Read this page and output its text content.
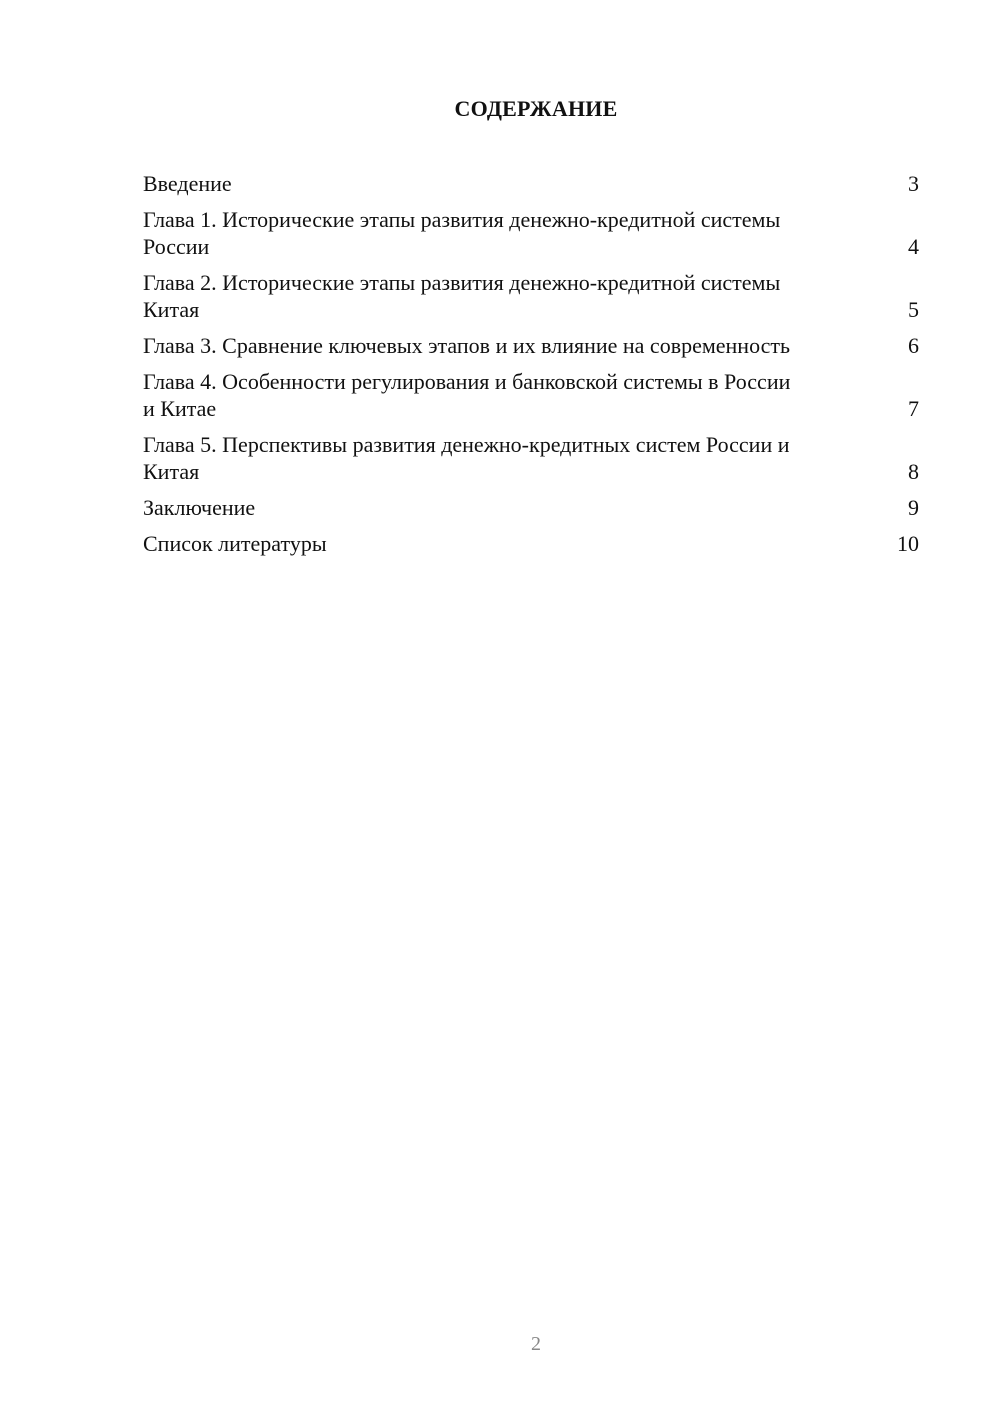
СОДЕРЖАНИЕ
Введение	3
Глава 1. Исторические этапы развития денежно-кредитной системы России	4
Глава 2. Исторические этапы развития денежно-кредитной системы Китая	5
Глава 3. Сравнение ключевых этапов и их влияние на современность	6
Глава 4. Особенности регулирования и банковской системы в России и Китае	7
Глава 5. Перспективы развития денежно-кредитных систем России и Китая	8
Заключение	9
Список литературы	10
2
